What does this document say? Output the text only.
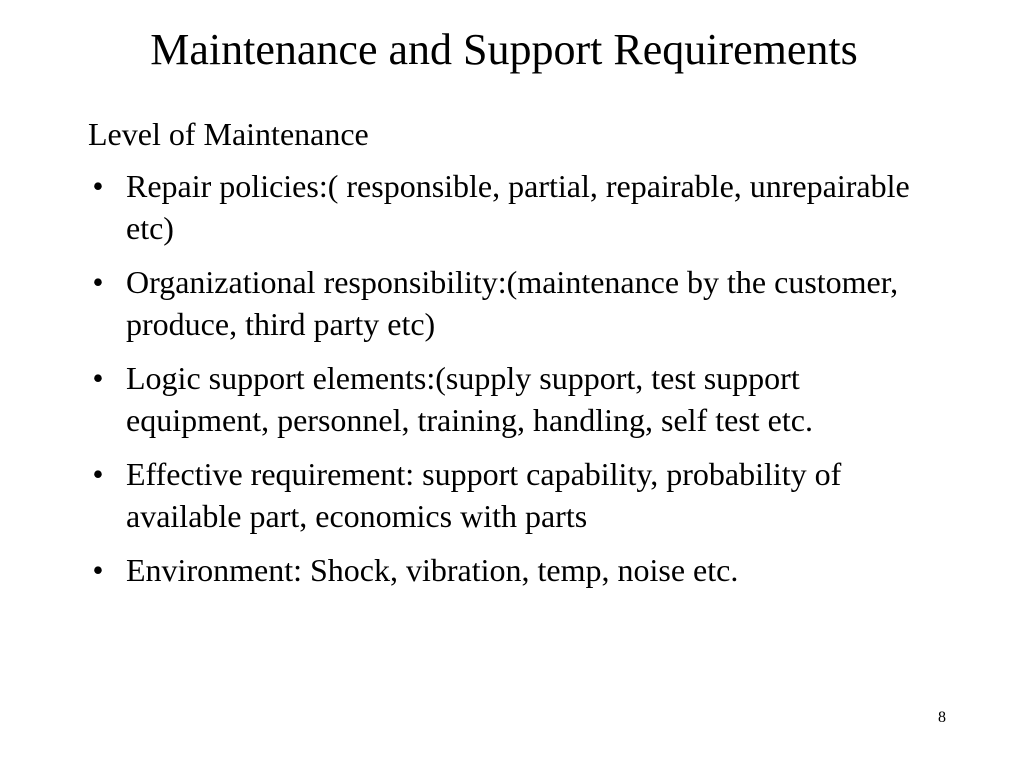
Maintenance and Support Requirements
Level of Maintenance
• Repair policies:( responsible, partial, repairable, unrepairable etc)
• Organizational responsibility:(maintenance by the customer, produce, third party etc)
• Logic support elements:(supply support, test support equipment, personnel, training, handling, self test etc.
• Effective requirement: support capability, probability of available part, economics with parts
• Environment: Shock, vibration, temp, noise etc.
8
